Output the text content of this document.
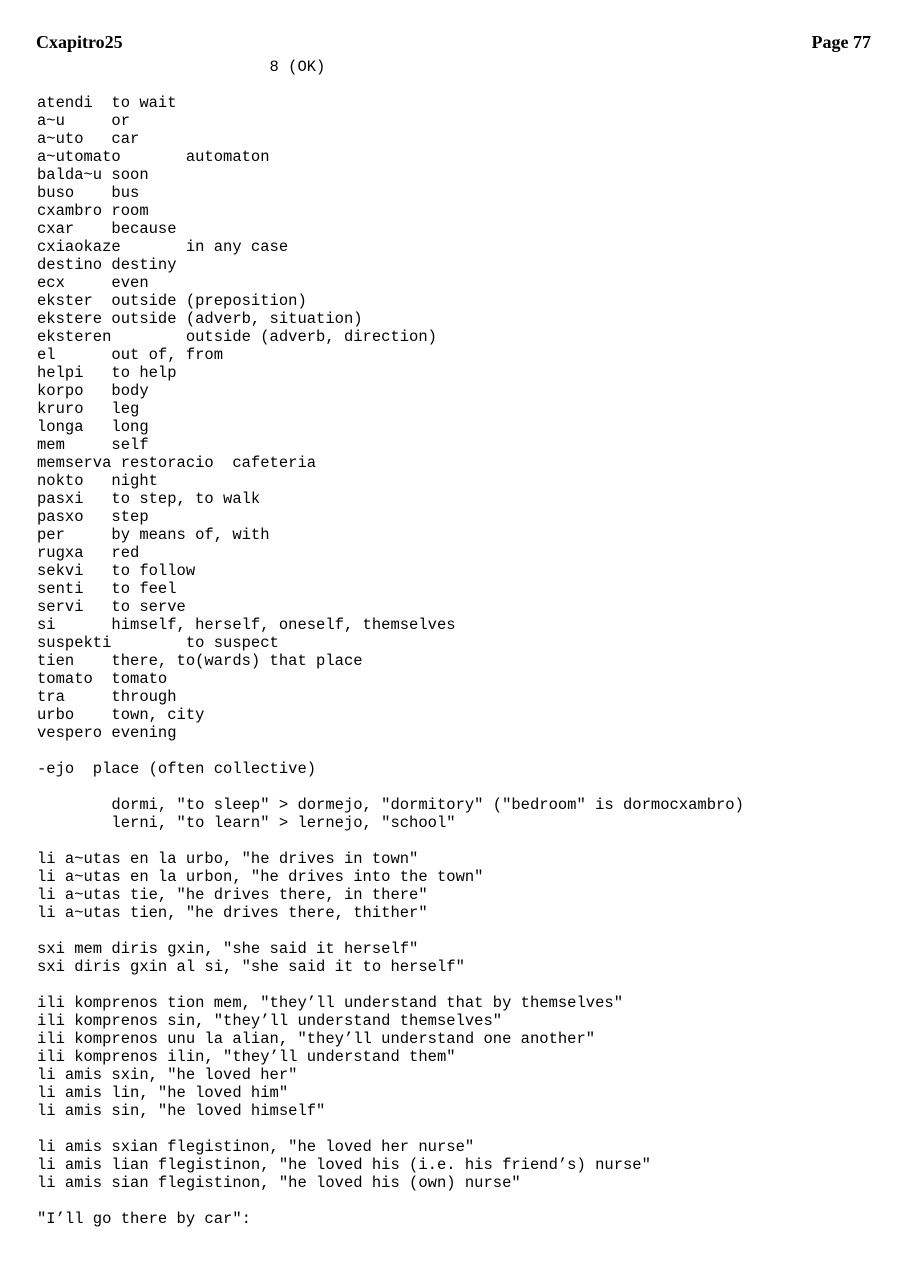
Cxapitro25	Page 77
8 (OK)
atendi  to wait
a~u     or
a~uto   car
a~utomato       automaton
balda~u soon
buso    bus
cxambro room
cxar    because
cxiaokaze       in any case
destino destiny
ecx     even
ekster  outside (preposition)
ekstere outside (adverb, situation)
eksteren        outside (adverb, direction)
el      out of, from
helpi   to help
korpo   body
kruro   leg
longa   long
mem     self
memserva restoracio  cafeteria
nokto   night
pasxi   to step, to walk
pasxo   step
per     by means of, with
rugxa   red
sekvi   to follow
senti   to feel
servi   to serve
si      himself, herself, oneself, themselves
suspekti        to suspect
tien    there, to(wards) that place
tomato  tomato
tra     through
urbo    town, city
vespero evening
-ejo  place (often collective)
dormi, "to sleep" > dormejo, "dormitory" ("bedroom" is dormocxambro)
lerni, "to learn" > lernejo, "school"
li a~utas en la urbo, "he drives in town"
li a~utas en la urbon, "he drives into the town"
li a~utas tie, "he drives there, in there"
li a~utas tien, "he drives there, thither"
sxi mem diris gxin, "she said it herself"
sxi diris gxin al si, "she said it to herself"
ili komprenos tion mem, "they’ll understand that by themselves"
ili komprenos sin, "they’ll understand themselves"
ili komprenos unu la alian, "they’ll understand one another"
ili komprenos ilin, "they’ll understand them"
li amis sxin, "he loved her"
li amis lin, "he loved him"
li amis sin, "he loved himself"
li amis sxian flegistinon, "he loved her nurse"
li amis lian flegistinon, "he loved his (i.e. his friend’s) nurse"
li amis sian flegistinon, "he loved his (own) nurse"
"I’ll go there by car":
